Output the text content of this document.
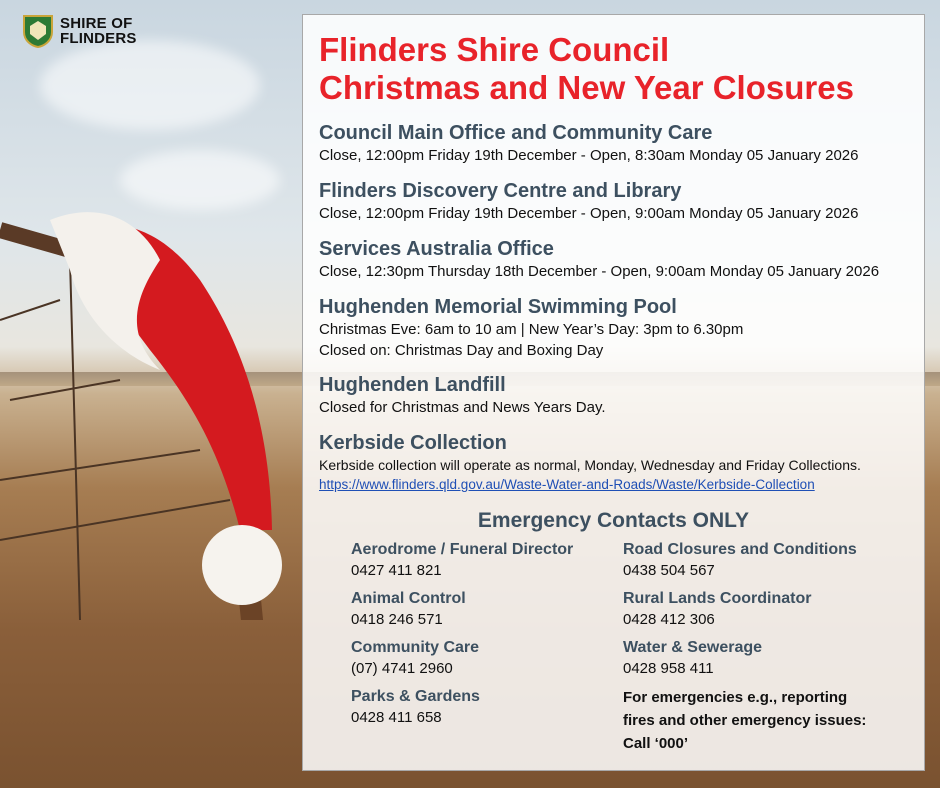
SHIRE OF
FLINDERS	Flinders Shire Council
Christmas and New Year Closures
Council Main Office and Community Care
Close, 12:00pm Friday 19th December - Open, 8:30am Monday 05 January 2026
Flinders Discovery Centre and Library
Close, 12:00pm Friday 19th December - Open, 9:00am Monday 05 January 2026
Services Australia Office
Close, 12:30pm Thursday 18th December - Open, 9:00am Monday 05 January 2026
Hughenden Memorial Swimming Pool
Christmas Eve: 6am to 10 am | New Year’s Day: 3pm to 6.30pm
Closed on: Christmas Day and Boxing Day
Hughenden Landfill
Closed for Christmas and News Years Day.
Kerbside Collection
Kerbside collection will operate as normal, Monday, Wednesday and Friday Collections.
https://www.flinders.qld.gov.au/Waste-Water-and-Roads/Waste/Kerbside-Collection
Emergency Contacts ONLY
Aerodrome / Funeral Director
0427 411 821
Animal Control
0418 246 571
Community Care
(07) 4741 2960
Parks & Gardens
0428 411 658
Road Closures and Conditions
0438 504 567
Rural Lands Coordinator
0428 412 306
Water & Sewerage
0428 958 411
For emergencies e.g., reporting
fires and other emergency issues:
Call ‘000’
